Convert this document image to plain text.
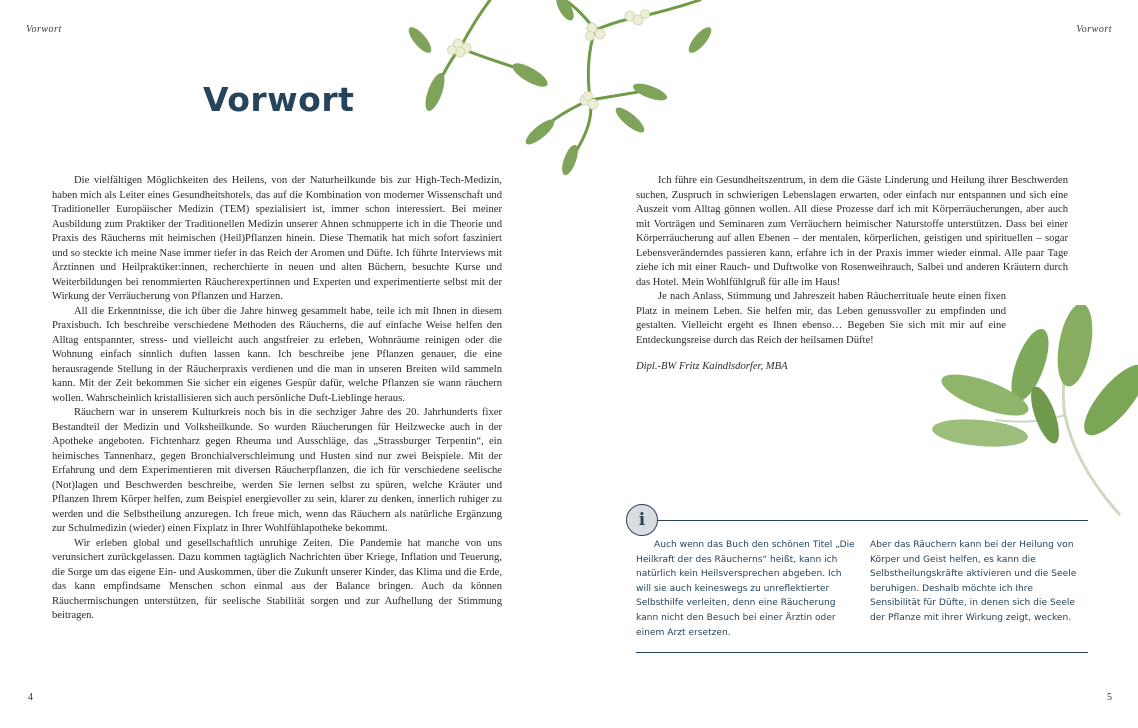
Vorwort	Vorwort
Vorwort

Die vielfältigen Möglichkeiten des Heilens, von der Naturheilkunde bis zur High-Tech-Medizin, haben mich als Leiter eines Gesundheitshotels, das auf die Kombination von moderner Wissenschaft und Traditioneller Europäischer Medizin (TEM) spezialisiert ist, immer schon interessiert. Bei meiner Ausbildung zum Praktiker der Traditionellen Medizin unserer Ahnen schnupperte ich in die Theorie und Praxis des Räucherns mit heimischen (Heil)Pflanzen hinein. Diese Thematik hat mich sofort fasziniert und so steckte ich meine Nase immer tiefer in das Reich der Aromen und Düfte. Ich führte Interviews mit Ärztinnen und Heilpraktiker:innen, recherchierte in neuen und alten Büchern, besuchte Kurse und Weiterbildungen bei renommierten Räucherexpertinnen und Experten und experimentierte selbst mit der Wirkung der Verräucherung von Pflanzen und Harzen.

All die Erkenntnisse, die ich über die Jahre hinweg gesammelt habe, teile ich mit Ihnen in diesem Praxisbuch. Ich beschreibe verschiedene Methoden des Räucherns, die auf einfache Weise helfen den Alltag entspannter, stress- und vielleicht auch angstfreier zu erleben, Wohnräume reinigen oder die Wohnung einfach sinnlich duften lassen kann. Ich beschreibe jene Pflanzen genauer, die eine herausragende Stellung in der Räucherpraxis verdienen und die man in unseren Breiten wild sammeln kann. Mit der Zeit bekommen Sie sicher ein eigenes Gespür dafür, welche Pflanzen sie wann räuchern wollen. Wahrscheinlich kristallisieren sich auch persönliche Duft-Lieblinge heraus.

Räuchern war in unserem Kulturkreis noch bis in die sechziger Jahre des 20. Jahrhunderts fixer Bestandteil der Medizin und Volksheilkunde. So wurden Räucherungen für Heilzwecke auch in der Apotheke angeboten. Fichtenharz gegen Rheuma und Ausschläge, das „Strassburger Terpentin“, ein heimisches Tannenharz, gegen Bronchialverschleimung und Husten sind nur zwei Beispiele. Mit der Erfahrung und dem Experimentieren mit diversen Räucherpflanzen, die ich für verschiedene seelische (Not)lagen und Beschwerden beschreibe, werden Sie lernen selbst zu spüren, welche Kräuter und Pflanzen Ihrem Körper helfen, zum Beispiel energievoller zu sein, klarer zu denken, innerlich ruhiger zu werden und die Selbstheilung anzuregen. Ich freue mich, wenn das Räuchern als natürliche Ergänzung zur Schulmedizin (wieder) einen Fixplatz in Ihrer Wohlfühlapotheke bekommt.

Wir erleben global und gesellschaftlich unruhige Zeiten. Die Pandemie hat manche von uns verunsichert zurückgelassen. Dazu kommen tagtäglich Nachrichten über Kriege, Inflation und Teuerung, die Sorge um das eigene Ein- und Auskommen, über die Zukunft unserer Kinder, das Klima und die Erde, das kann empfindsame Menschen schon einmal aus der Balance bringen. Auch da können Räuchermischungen unterstützen, für seelische Stabilität sorgen und zur Aufhellung der Stimmung beitragen.

Ich führe ein Gesundheitszentrum, in dem die Gäste Linderung und Heilung ihrer Beschwerden suchen, Zuspruch in schwierigen Lebenslagen erwarten, oder einfach nur entspannen und sich eine Auszeit vom Alltag gönnen wollen. All diese Prozesse darf ich mit Körperräucherungen, aber auch mit Vorträgen und Seminaren zum Verräuchern heimischer Naturstoffe unterstützen. Dass bei einer Körperräucherung auf allen Ebenen – der mentalen, körperlichen, geistigen und spirituellen – sogar Lebensveränderndes passieren kann, erfahre ich in der Praxis immer wieder einmal. Alle paar Tage ziehe ich mit einer Rauch- und Duftwolke von Rosenweihrauch, Salbei und anderen Kräutern durch das Hotel. Mein Wohlfühlgruß für alle im Haus!

Je nach Anlass, Stimmung und Jahreszeit haben Räucherrituale heute einen fixen Platz in meinem Leben. Sie helfen mir, das Leben genussvoller zu empfinden und gestalten. Vielleicht ergeht es Ihnen ebenso… Begeben Sie sich mit mir auf eine Entdeckungsreise durch das Reich der heilsamen Düfte!

Dipl.-BW Fritz Kaindlsdorfer, MBA

i

Auch wenn das Buch den schönen Titel „Die Heilkraft der des Räucherns“ heißt, kann ich natürlich kein Heilsversprechen abgeben. Ich will sie auch keineswegs zu unreflektierter Selbsthilfe verleiten, denn eine Räucherung kann nicht den Besuch bei einer Ärztin oder einem Arzt ersetzen.

Aber das Räuchern kann bei der Heilung von Körper und Geist helfen, es kann die Selbstheilungskräfte aktivieren und die Seele beruhigen. Deshalb möchte ich Ihre Sensibilität für Düfte, in denen sich die Seele der Pflanze mit ihrer Wirkung zeigt, wecken.

4	5
